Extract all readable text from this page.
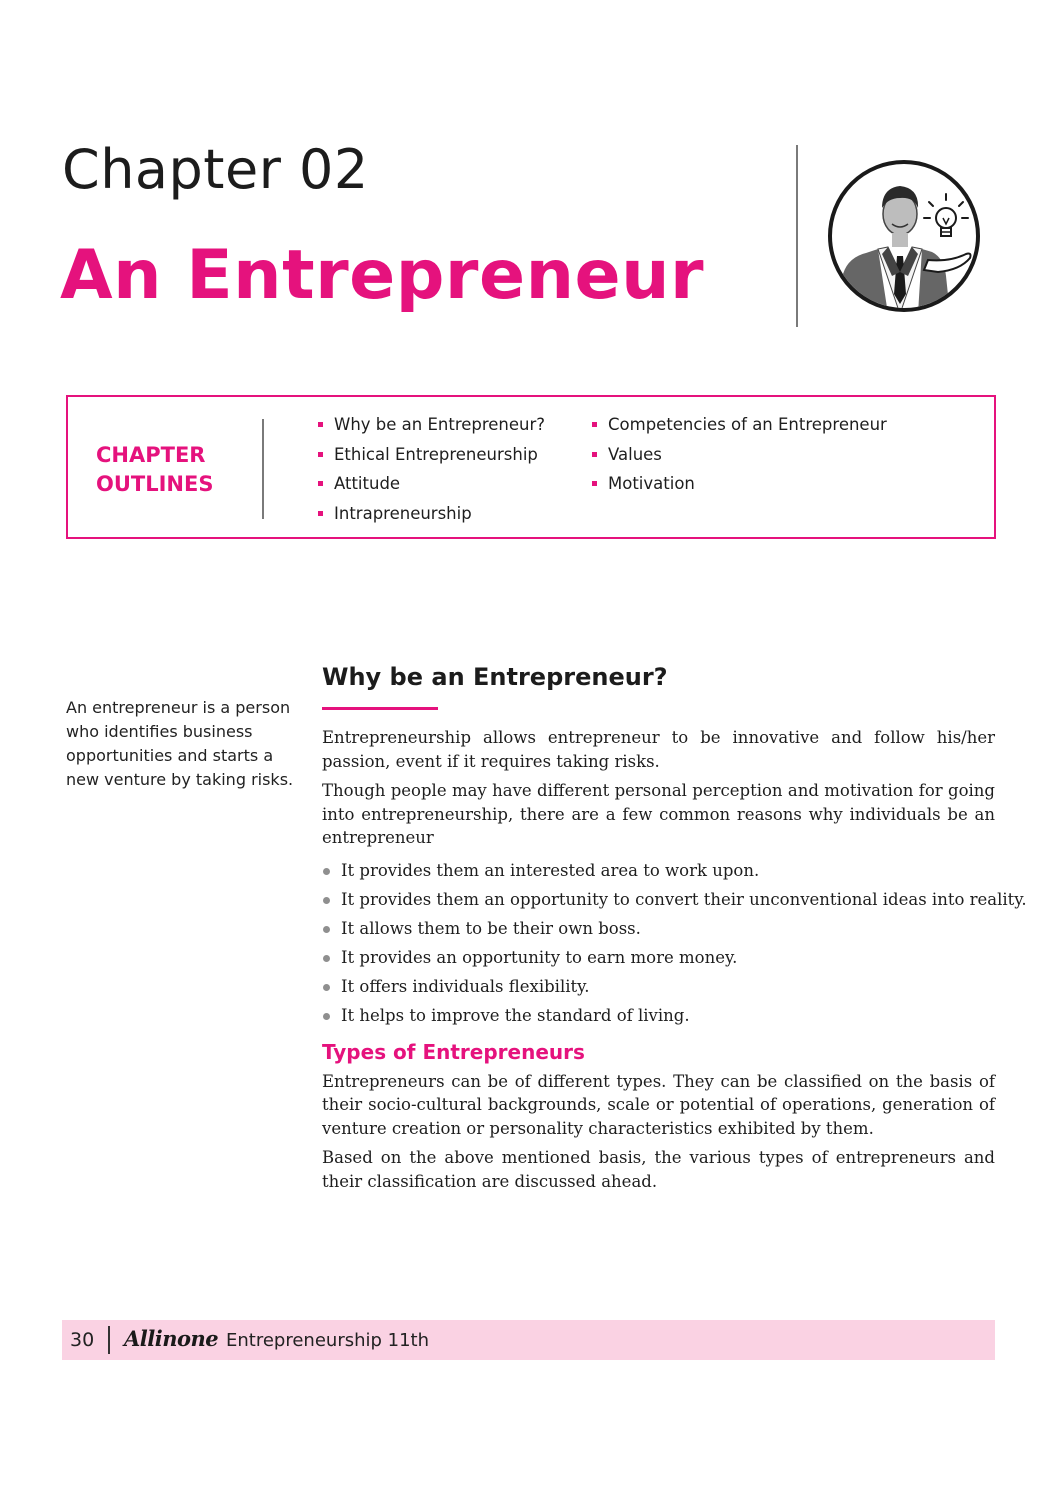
Chapter 02
An Entrepreneur
CHAPTER OUTLINES
Why be an Entrepreneur?
Ethical Entrepreneurship
Attitude
Intrapreneurship
Competencies of an Entrepreneur
Values
Motivation

An entrepreneur is a person who identifies business opportunities and starts a new venture by taking risks.

Why be an Entrepreneur?

Entrepreneurship allows entrepreneur to be innovative and follow his/her passion, event if it requires taking risks.

Though people may have different personal perception and motivation for going into entrepreneurship, there are a few common reasons why individuals be an entrepreneur

It provides them an interested area to work upon.
It provides them an opportunity to convert their unconventional ideas into reality.
It allows them to be their own boss.
It provides an opportunity to earn more money.
It offers individuals flexibility.
It helps to improve the standard of living.
Types of Entrepreneurs

Entrepreneurs can be of different types. They can be classified on the basis of their socio-cultural backgrounds, scale or potential of operations, generation of venture creation or personality characteristics exhibited by them.

Based on the above mentioned basis, the various types of entrepreneurs and their classification are discussed ahead.

30 Allinone Entrepreneurship 11th
